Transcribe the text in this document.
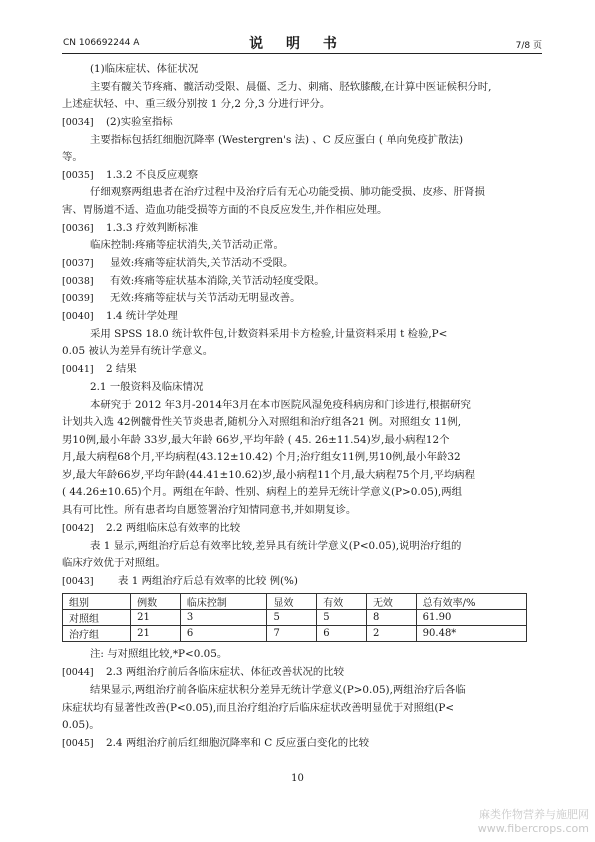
CN 106692244 A	说 明 书	7/8 页
(1)临床症状、体征状况
主要有髋关节疼痛、髋活动受限、晨僵、乏力、刺痛、胫软膝酸,在计算中医证候积分时,
上述症状轻、中、重三级分别按 1 分,2 分,3 分进行评分。
[0034] (2)实验室指标
主要指标包括红细胞沉降率 (Westergren's 法) 、C 反应蛋白 ( 单向免疫扩散法)
等。
[0035] 1.3.2 不良反应观察
仔细观察两组患者在治疗过程中及治疗后有无心功能受损、肺功能受损、皮疹、肝肾损
害、胃肠道不适、造血功能受损等方面的不良反应发生,并作相应处理。
[0036] 1.3.3 疗效判断标准
临床控制:疼痛等症状消失,关节活动正常。
[0037] 显效:疼痛等症状消失,关节活动不受限。
[0038] 有效:疼痛等症状基本消除,关节活动轻度受限。
[0039] 无效:疼痛等症状与关节活动无明显改善。
[0040] 1.4 统计学处理
采用 SPSS 18.0 统计软件包,计数资料采用卡方检验,计量资料采用 t 检验,P<
0.05 被认为差异有统计学意义。
[0041] 2 结果
2.1 一般资料及临床情况
本研究于 2012 年3月-2014年3月在本市医院风湿免疫科病房和门诊进行,根据研究
计划共入选 42例髋骨性关节炎患者,随机分入对照组和治疗组各21 例。对照组女 11例,
男10例,最小年龄 33岁,最大年龄 66岁,平均年龄 ( 45. 26±11.54)岁,最小病程12个
月,最大病程68个月,平均病程(43.12±10.42) 个月;治疗组女11例,男10例,最小年龄32
岁,最大年龄66岁,平均年龄(44.41±10.62)岁,最小病程11个月,最大病程75个月,平均病程
( 44.26±10.65)个月。两组在年龄、性别、病程上的差异无统计学意义(P>0.05),两组
具有可比性。所有患者均自愿签署治疗知情同意书,并如期复诊。
[0042] 2.2 两组临床总有效率的比较
表 1 显示,两组治疗后总有效率比较,差异具有统计学意义(P<0.05),说明治疗组的
临床疗效优于对照组。
[0043] 表 1 两组治疗后总有效率的比较 例(%)
组别	例数	临床控制	显效	有效	无效	总有效率/%
对照组	21	3	5	5	8	61.90
治疗组	21	6	7	6	2	90.48*
注: 与对照组比较,*P<0.05。
[0044] 2.3 两组治疗前后各临床症状、体征改善状况的比较
结果显示,两组治疗前各临床症状积分差异无统计学意义(P>0.05),两组治疗后各临
床症状均有显著性改善(P<0.05),而且治疗组治疗后临床症状改善明显优于对照组(P<
0.05)。
[0045] 2.4 两组治疗前后红细胞沉降率和 C 反应蛋白变化的比较
10
麻类作物营养与施肥网
www.fibercrops.com
